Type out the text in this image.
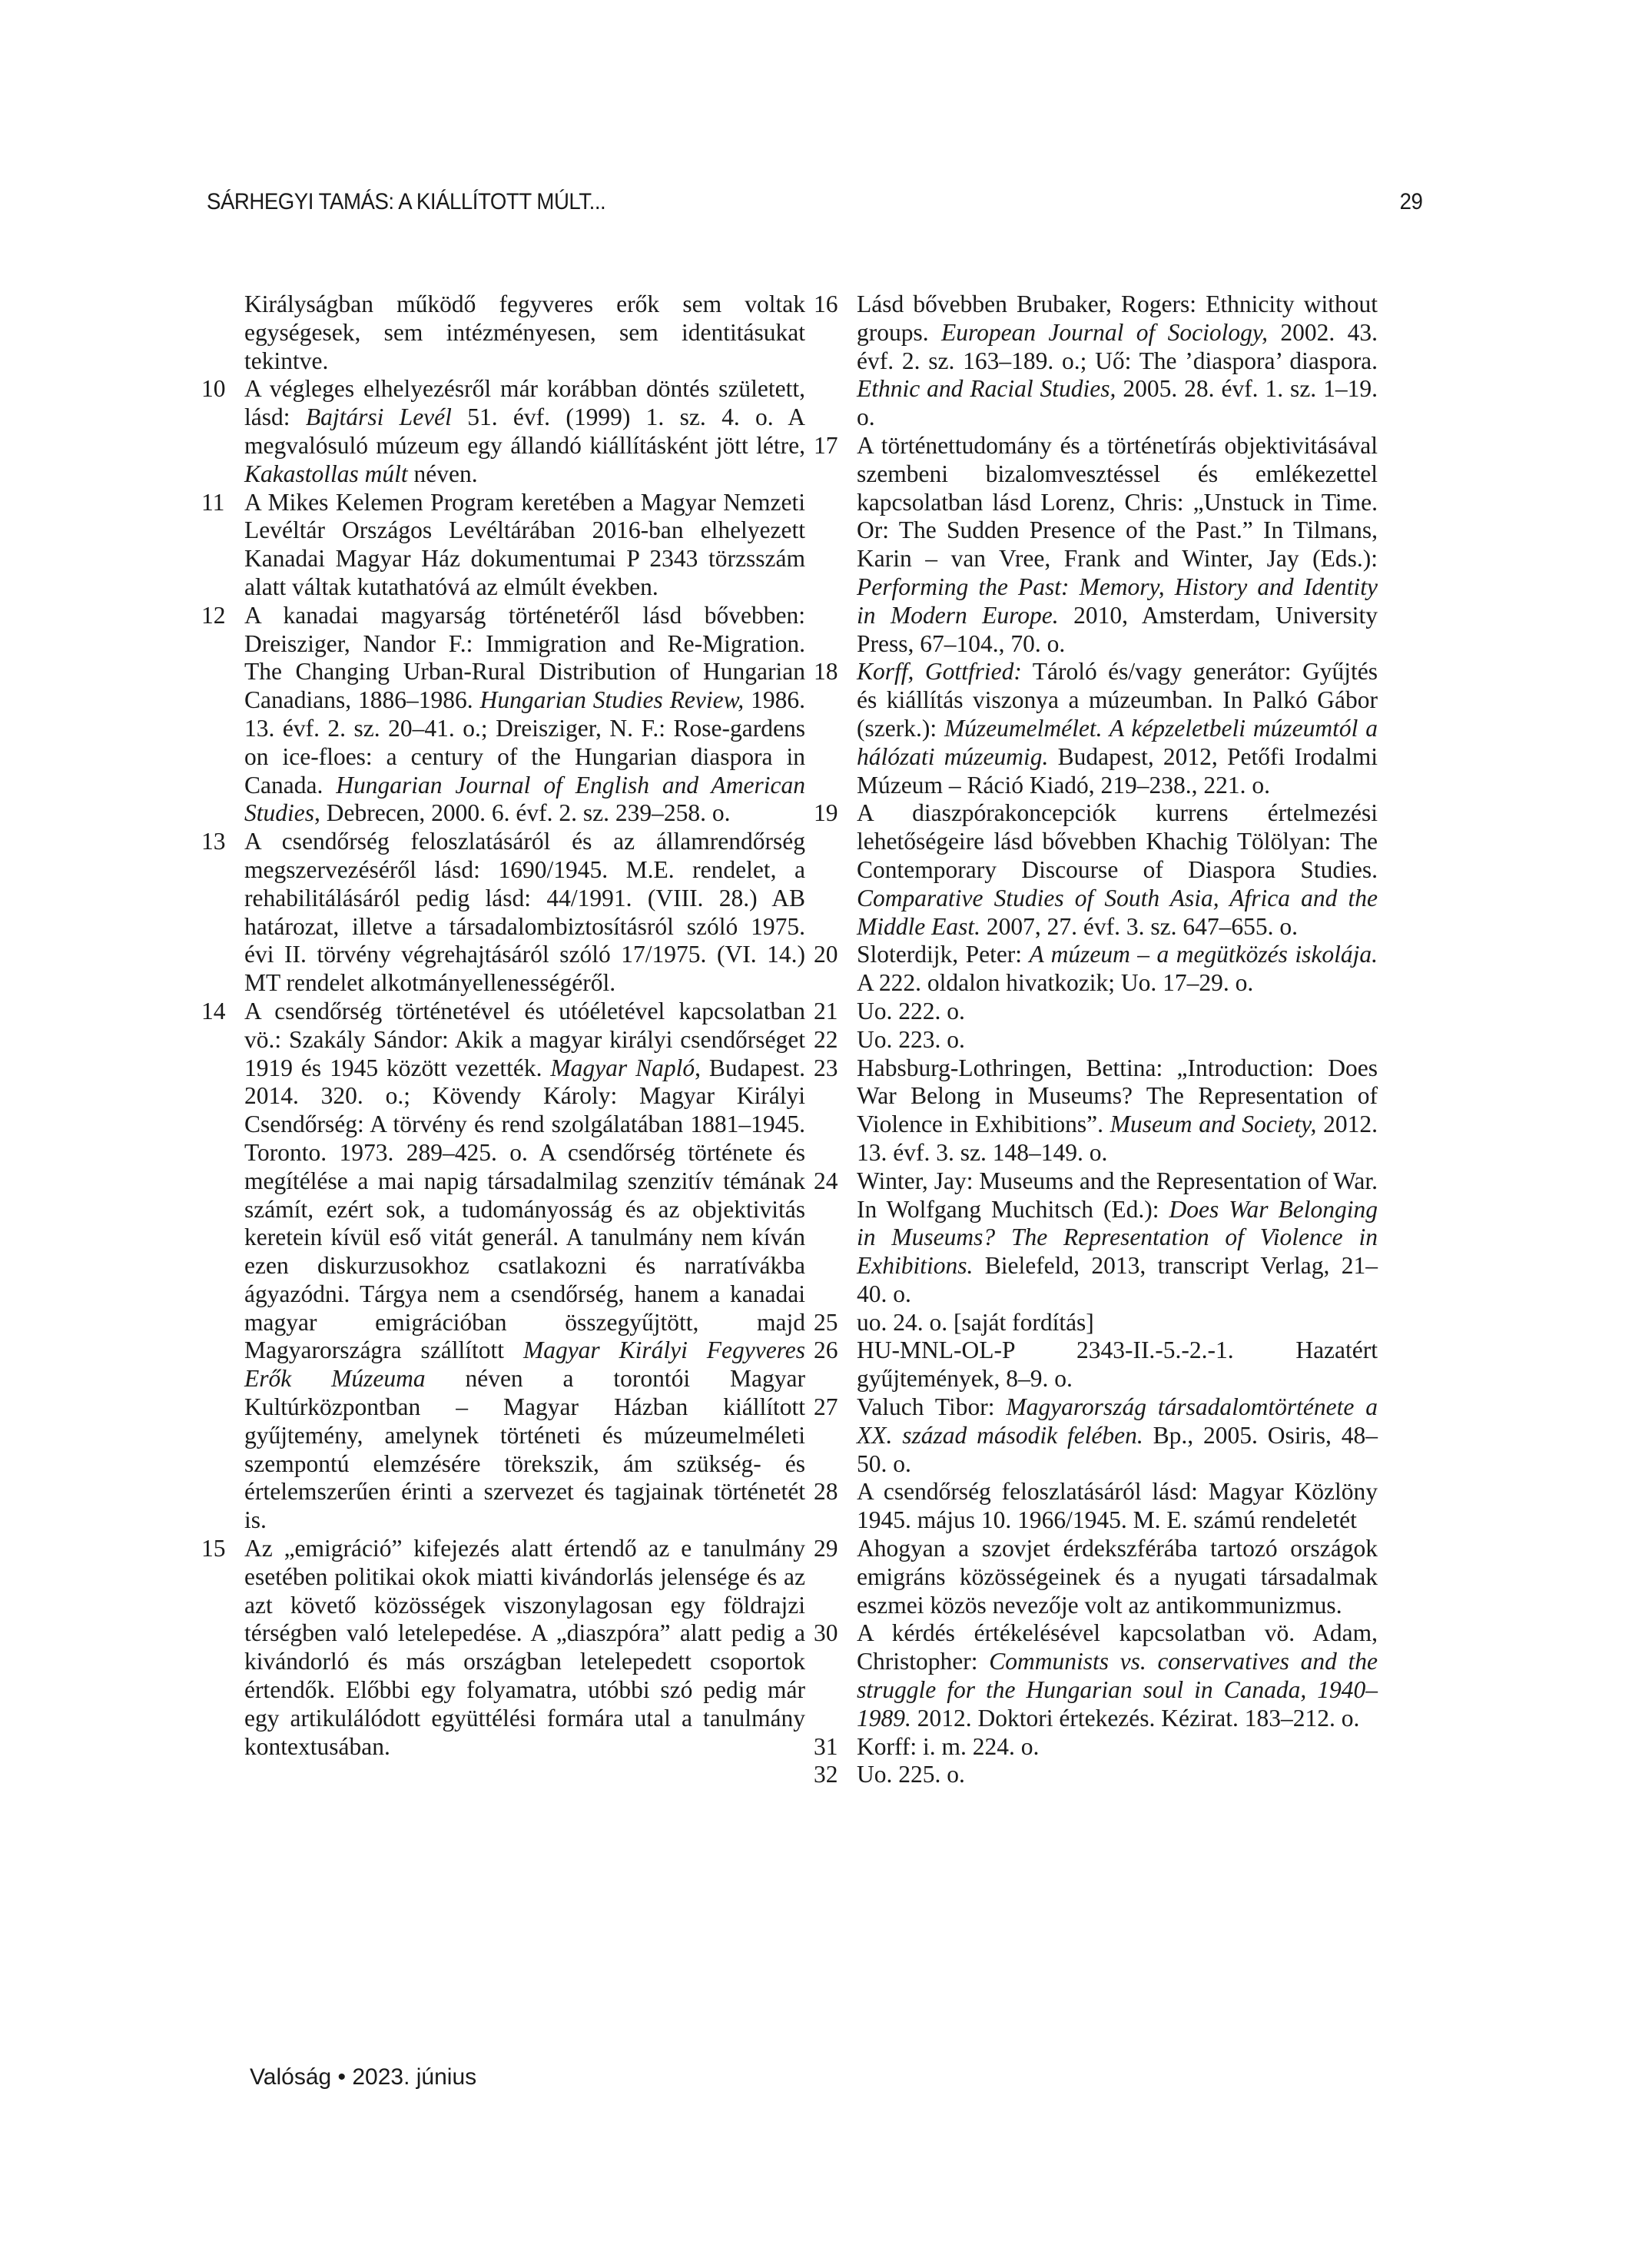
SÁRHEGYI TAMÁS: A KIÁLLÍTOTT MÚLT...	29
Királyságban működő fegyveres erők sem voltak egységesek, sem intézményesen, sem identitásukat tekintve.
10 A végleges elhelyezésről már korábban döntés született, lásd: Bajtársi Levél 51. évf. (1999) 1. sz. 4. o. A megvalósuló múzeum egy állandó kiállításként jött létre, Kakastollas múlt néven.
11 A Mikes Kelemen Program keretében a Magyar Nemzeti Levéltár Országos Levéltárában 2016-ban elhelyezett Kanadai Magyar Ház dokumentumai P 2343 törzsszám alatt váltak kutathatóvá az elmúlt években.
12 A kanadai magyarság történetéről lásd bővebben: Dreisziger, Nandor F.: Immigration and Re-Migration. The Changing Urban-Rural Distribution of Hungarian Canadians, 1886–1986. Hungarian Studies Review, 1986. 13. évf. 2. sz. 20–41. o.; Dreisziger, N. F.: Rose-gardens on ice-floes: a century of the Hungarian diaspora in Canada. Hungarian Journal of English and American Studies, Debrecen, 2000. 6. évf. 2. sz. 239–258. o.
13 A csendőrség feloszlatásáról és az államrendőrség megszervezéséről lásd: 1690/1945. M.E. rendelet, a rehabilitálásáról pedig lásd: 44/1991. (VIII. 28.) AB határozat, illetve a társadalombiztosításról szóló 1975. évi II. törvény végrehajtásáról szóló 17/1975. (VI. 14.) MT rendelet alkotmányellenességéről.
14 A csendőrség történetével és utóéletével kapcsolatban vö.: Szakály Sándor: Akik a magyar királyi csendőrséget 1919 és 1945 között vezették. Magyar Napló, Budapest. 2014. 320. o.; Kövendy Károly: Magyar Királyi Csendőrség: A törvény és rend szolgálatában 1881–1945. Toronto. 1973. 289–425. o. A csendőrség története és megítélése a mai napig társadalmilag szenzitív témának számít, ezért sok, a tudományosság és az objektivitás keretein kívül eső vitát generál. A tanulmány nem kíván ezen diskurzusokhoz csatlakozni és narratívákba ágyazódni. Tárgya nem a csendőrség, hanem a kanadai magyar emigrációban összegyűjtött, majd Magyarországra szállított Magyar Királyi Fegyveres Erők Múzeuma néven a torontói Magyar Kultúrközpontban – Magyar Házban kiállított gyűjtemény, amelynek történeti és múzeumelméleti szempontú elemzésére törekszik, ám szükség- és értelemszerűen érinti a szervezet és tagjainak történetét is.
15 Az „emigráció” kifejezés alatt értendő az e tanulmány esetében politikai okok miatti kivándorlás jelensége és az azt követő közösségek viszonylagosan egy földrajzi térségben való letelepedése. A „diaszpóra” alatt pedig a kivándorló és más országban letelepedett csoportok értendők. Előbbi egy folyamatra, utóbbi szó pedig már egy artikulálódott együttélési formára utal a tanulmány kontextusában.
16 Lásd bővebben Brubaker, Rogers: Ethnicity without groups. European Journal of Sociology, 2002. 43. évf. 2. sz. 163–189. o.; Uő: The ’diaspora’ diaspora. Ethnic and Racial Studies, 2005. 28. évf. 1. sz. 1–19. o.
17 A történettudomány és a történetírás objektivitásával szembeni bizalomvesztéssel és emlékezettel kapcsolatban lásd Lorenz, Chris: „Unstuck in Time. Or: The Sudden Presence of the Past.” In Tilmans, Karin – van Vree, Frank and Winter, Jay (Eds.): Performing the Past: Memory, History and Identity in Modern Europe. 2010, Amsterdam, University Press, 67–104., 70. o.
18 Korff, Gottfried: Tároló és/vagy generátor: Gyűjtés és kiállítás viszonya a múzeumban. In Palkó Gábor (szerk.): Múzeumelmélet. A képzeletbeli múzeumtól a hálózati múzeumig. Budapest, 2012, Petőfi Irodalmi Múzeum – Ráció Kiadó, 219–238., 221. o.
19 A diaszpórakoncepciók kurrens értelmezési lehetőségeire lásd bővebben Khachig Tölölyan: The Contemporary Discourse of Diaspora Studies. Comparative Studies of South Asia, Africa and the Middle East. 2007, 27. évf. 3. sz. 647–655. o.
20 Sloterdijk, Peter: A múzeum – a megütközés iskolája. A 222. oldalon hivatkozik; Uo. 17–29. o.
21 Uo. 222. o.
22 Uo. 223. o.
23 Habsburg-Lothringen, Bettina: „Introduction: Does War Belong in Museums? The Representation of Violence in Exhibitions”. Museum and Society, 2012. 13. évf. 3. sz. 148–149. o.
24 Winter, Jay: Museums and the Representation of War. In Wolfgang Muchitsch (Ed.): Does War Belonging in Museums? The Representation of Violence in Exhibitions. Bielefeld, 2013, transcript Verlag, 21–40. o.
25 uo. 24. o. [saját fordítás]
26 HU-MNL-OL-P 2343-II.-5.-2.-1. Hazatért gyűjtemények, 8–9. o.
27 Valuch Tibor: Magyarország társadalomtörténete a XX. század második felében. Bp., 2005. Osiris, 48–50. o.
28 A csendőrség feloszlatásáról lásd: Magyar Közlöny 1945. május 10. 1966/1945. M. E. számú rendeletét
29 Ahogyan a szovjet érdekszférába tartozó országok emigráns közösségeinek és a nyugati társadalmak eszmei közös nevezője volt az antikommunizmus.
30 A kérdés értékelésével kapcsolatban vö. Adam, Christopher: Communists vs. conservatives and the struggle for the Hungarian soul in Canada, 1940–1989. 2012. Doktori értekezés. Kézirat. 183–212. o.
31 Korff: i. m. 224. o.
32 Uo. 225. o.
Valóság • 2023. június
